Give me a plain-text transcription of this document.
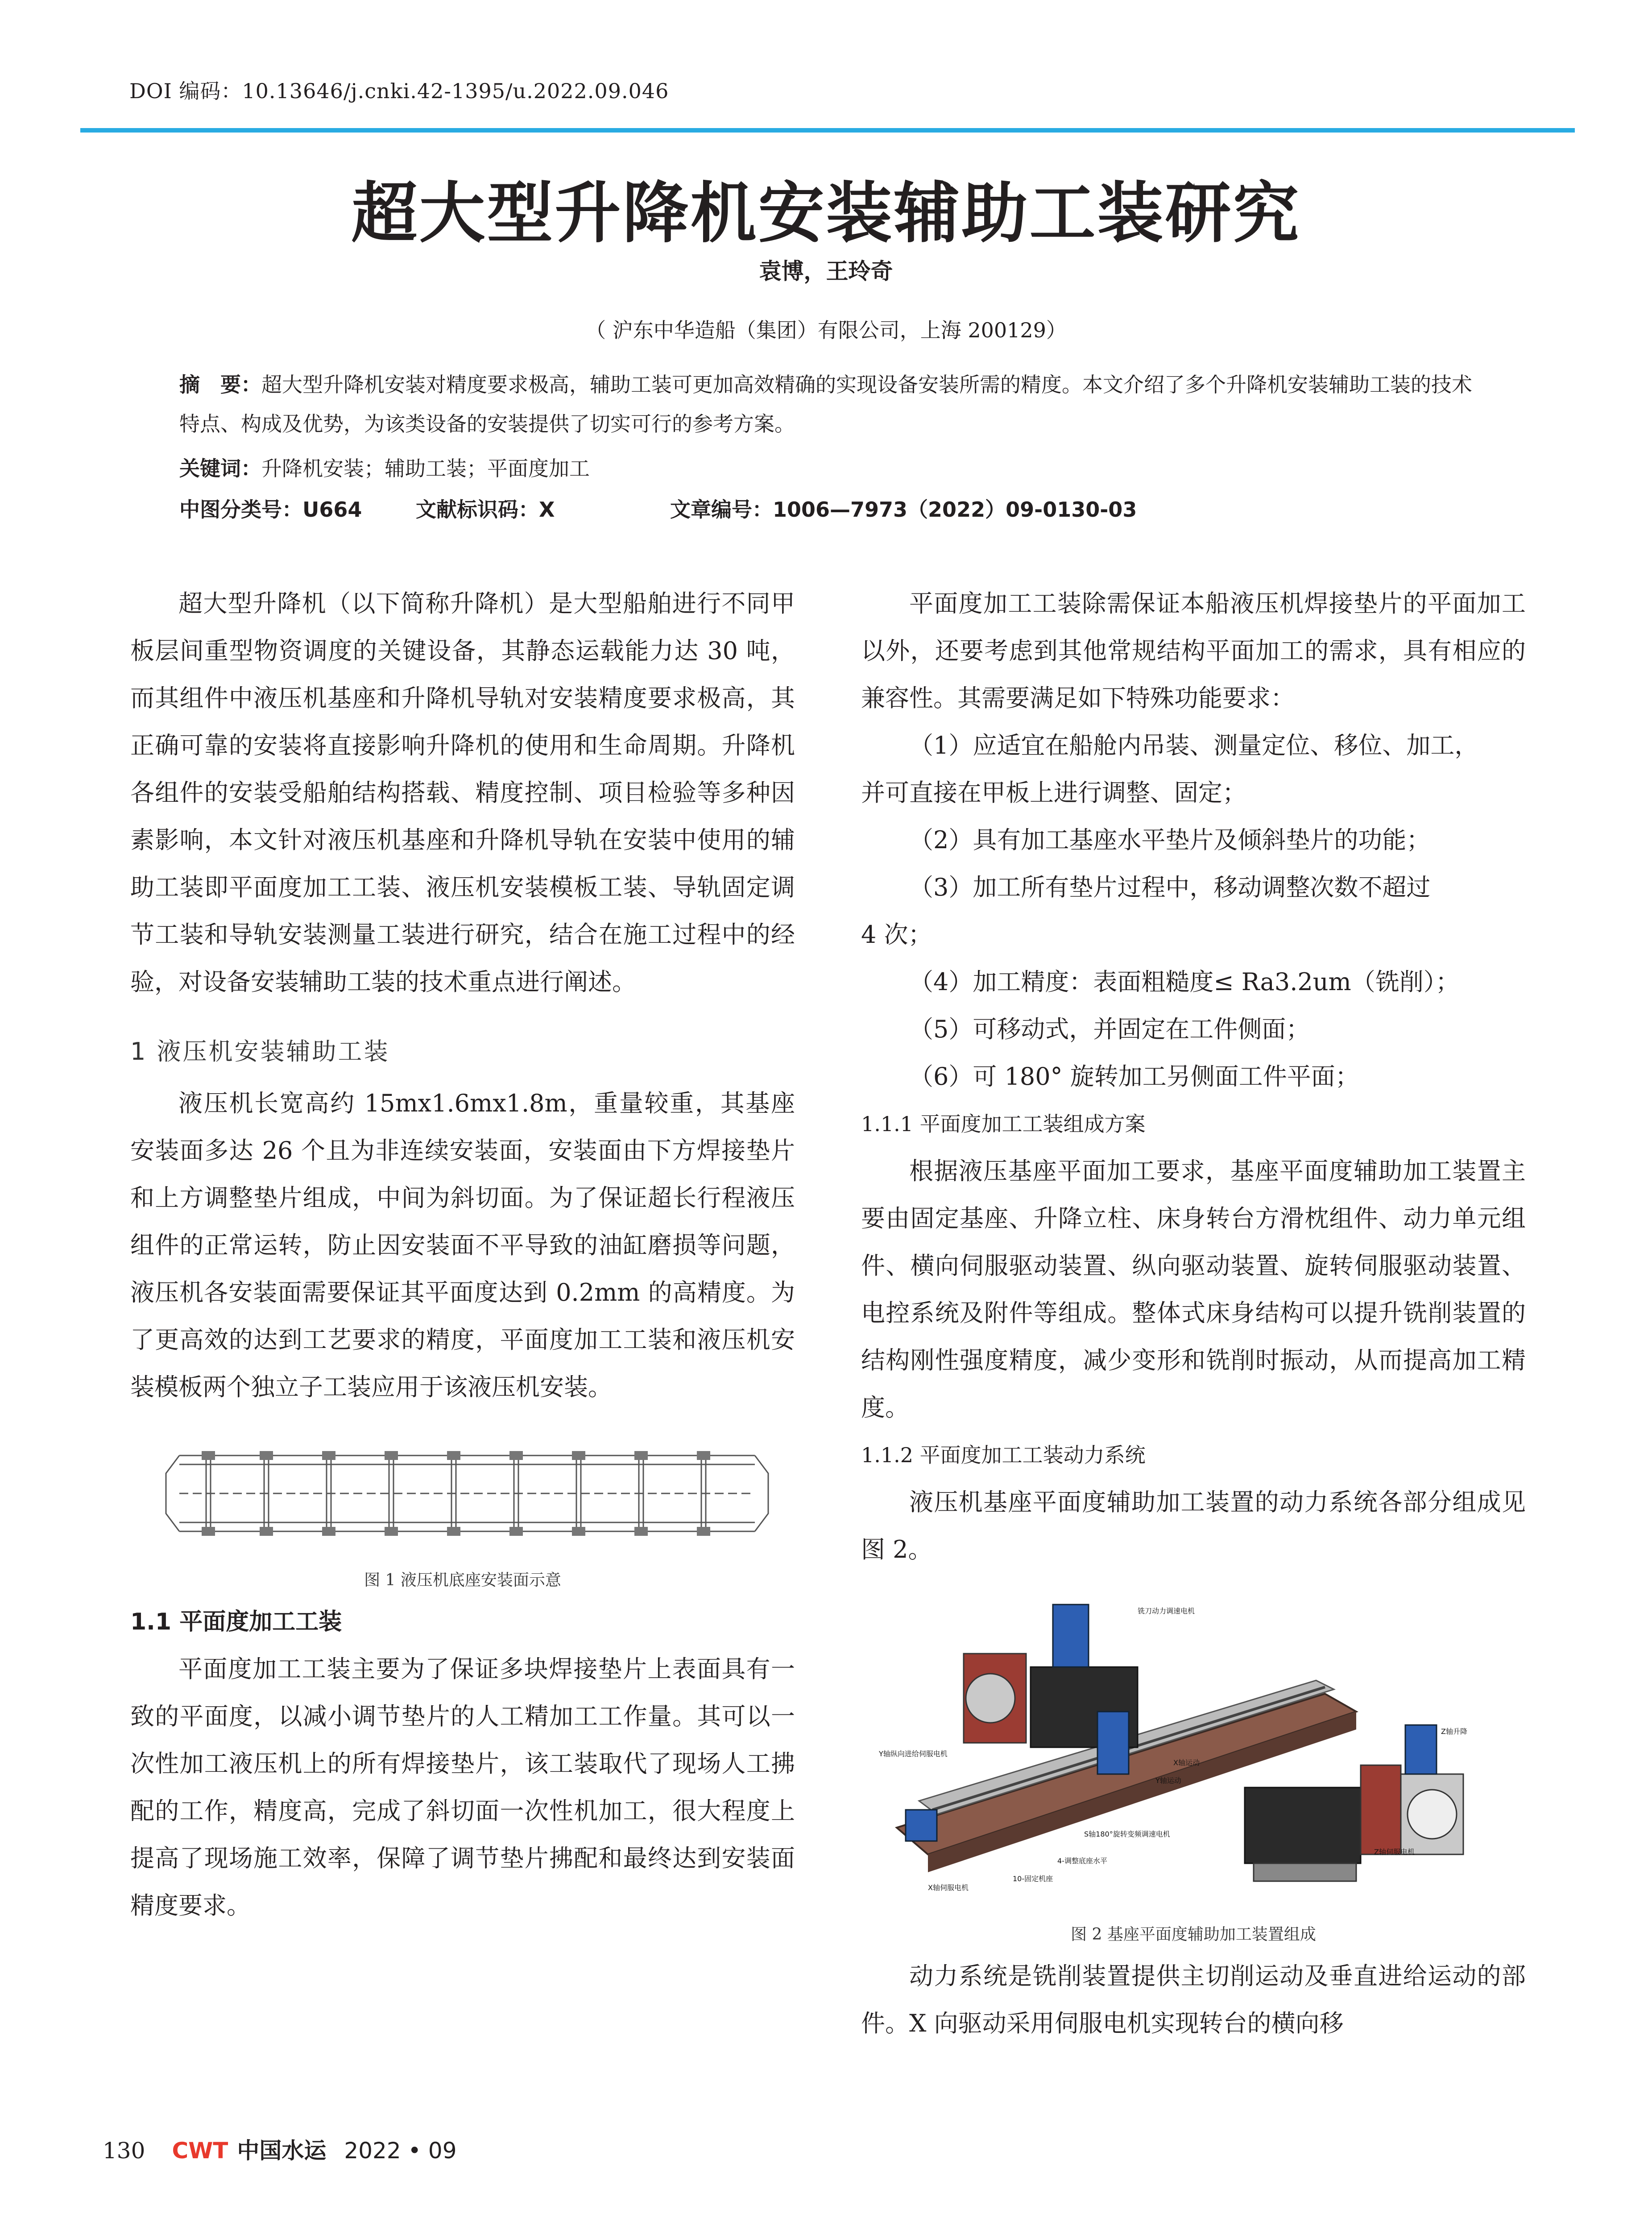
DOI 编码：10.13646/j.cnki.42-1395/u.2022.09.046
超大型升降机安装辅助工装研究
袁博，王玲奇
（ 沪东中华造船（集团）有限公司，上海 200129）
摘　要：超大型升降机安装对精度要求极高，辅助工装可更加高效精确的实现设备安装所需的精度。本文介绍了多个升降机安装辅助工装的技术特点、构成及优势，为该类设备的安装提供了切实可行的参考方案。
关键词：升降机安装；辅助工装；平面度加工
中图分类号：U664	文献标识码：X	文章编号：1006—7973（2022）09-0130-03

超大型升降机（以下简称升降机）是大型船舶进行不同甲板层间重型物资调度的关键设备，其静态运载能力达 30 吨，而其组件中液压机基座和升降机导轨对安装精度要求极高，其正确可靠的安装将直接影响升降机的使用和生命周期。升降机各组件的安装受船舶结构搭载、精度控制、项目检验等多种因素影响，本文针对液压机基座和升降机导轨在安装中使用的辅助工装即平面度加工工装、液压机安装模板工装、导轨固定调节工装和导轨安装测量工装进行研究，结合在施工过程中的经验，对设备安装辅助工装的技术重点进行阐述。

1 液压机安装辅助工装

液压机长宽高约 15mx1.6mx1.8m，重量较重，其基座安装面多达 26 个且为非连续安装面，安装面由下方焊接垫片和上方调整垫片组成，中间为斜切面。为了保证超长行程液压组件的正常运转，防止因安装面不平导致的油缸磨损等问题，液压机各安装面需要保证其平面度达到 0.2mm 的高精度。为了更高效的达到工艺要求的精度，平面度加工工装和液压机安装模板两个独立子工装应用于该液压机安装。

图 1 液压机底座安装面示意

1.1 平面度加工工装

平面度加工工装主要为了保证多块焊接垫片上表面具有一致的平面度，以减小调节垫片的人工精加工工作量。其可以一次性加工液压机上的所有焊接垫片，该工装取代了现场人工拂配的工作，精度高，完成了斜切面一次性机加工，很大程度上提高了现场施工效率，保障了调节垫片拂配和最终达到安装面精度要求。

平面度加工工装除需保证本船液压机焊接垫片的平面加工以外，还要考虑到其他常规结构平面加工的需求，具有相应的兼容性。其需要满足如下特殊功能要求：

（1）应适宜在船舱内吊装、测量定位、移位、加工，

并可直接在甲板上进行调整、固定；

（2）具有加工基座水平垫片及倾斜垫片的功能；

（3）加工所有垫片过程中，移动调整次数不超过

4 次；

（4）加工精度：表面粗糙度≤ Ra3.2um（铣削）；

（5）可移动式，并固定在工件侧面；

（6）可 180° 旋转加工另侧面工件平面；

1.1.1 平面度加工工装组成方案

根据液压基座平面加工要求，基座平面度辅助加工装置主要由固定基座、升降立柱、床身转台方滑枕组件、动力单元组件、横向伺服驱动装置、纵向驱动装置、旋转伺服驱动装置、电控系统及附件等组成。整体式床身结构可以提升铣削装置的结构刚性强度精度，减少变形和铣削时振动，从而提高加工精度。

1.1.2 平面度加工工装动力系统

液压机基座平面度辅助加工装置的动力系统各部分组成见图 2。

铣刀动力调速电机
Y轴纵向进给伺服电机
X轴运动
Y轴运动
Z轴升降
Z轴伺服电机
X轴伺服电机
S轴180°旋转变频调速电机
4-调整底座水平
10-固定机座
图 2 基座平面度辅助加工装置组成

动力系统是铣削装置提供主切削运动及垂直进给运动的部件。X 向驱动采用伺服电机实现转台的横向移

130 CWT 中国水运 2022 • 09
